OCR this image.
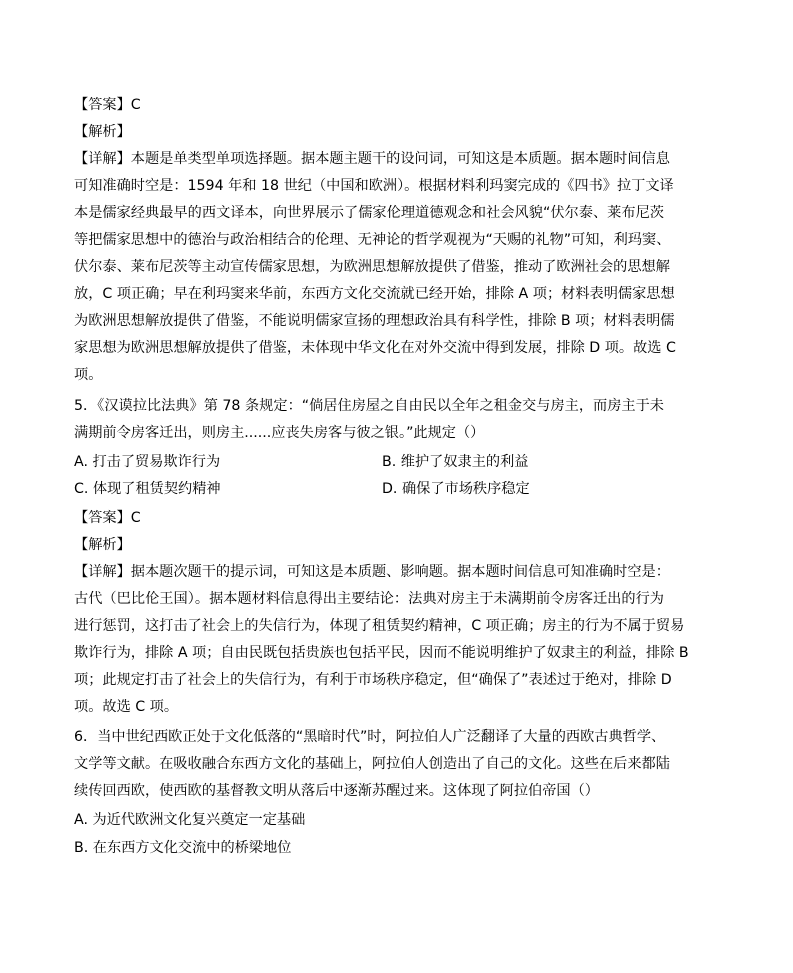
【答案】C
【解析】
【详解】本题是单类型单项选择题。据本题主题干的设问词，可知这是本质题。据本题时间信息
可知准确时空是：1594 年和 18 世纪（中国和欧洲）。根据材料利玛窦完成的《四书》拉丁文译
本是儒家经典最早的西文译本，向世界展示了儒家伦理道德观念和社会风貌“伏尔泰、莱布尼茨
等把儒家思想中的德治与政治相结合的伦理、无神论的哲学观视为“天赐的礼物”可知，利玛窦、
伏尔泰、莱布尼茨等主动宣传儒家思想，为欧洲思想解放提供了借鉴，推动了欧洲社会的思想解
放，C 项正确；早在利玛窦来华前，东西方文化交流就已经开始，排除 A 项；材料表明儒家思想
为欧洲思想解放提供了借鉴，不能说明儒家宣扬的理想政治具有科学性，排除 B 项；材料表明儒
家思想为欧洲思想解放提供了借鉴，未体现中华文化在对外交流中得到发展，排除 D 项。故选 C
项。
5．《汉谟拉比法典》第 78 条规定：“倘居住房屋之自由民以全年之租金交与房主，而房主于未
满期前令房客迁出，则房主......应丧失房客与彼之银。”此规定（）
A. 打击了贸易欺诈行为	B. 维护了奴隶主的利益
C. 体现了租赁契约精神	D. 确保了市场秩序稳定
【答案】C
【解析】
【详解】据本题次题干的提示词，可知这是本质题、影响题。据本题时间信息可知准确时空是：
古代（巴比伦王国）。据本题材料信息得出主要结论：法典对房主于未满期前令房客迁出的行为
进行惩罚，这打击了社会上的失信行为，体现了租赁契约精神，C 项正确；房主的行为不属于贸易
欺诈行为，排除 A 项；自由民既包括贵族也包括平民，因而不能说明维护了奴隶主的利益，排除 B
项；此规定打击了社会上的失信行为，有利于市场秩序稳定，但“确保了”表述过于绝对，排除 D
项。故选 C 项。
6．当中世纪西欧正处于文化低落的“黑暗时代”时，阿拉伯人广泛翻译了大量的西欧古典哲学、
文学等文献。在吸收融合东西方文化的基础上，阿拉伯人创造出了自己的文化。这些在后来都陆
续传回西欧，使西欧的基督教文明从落后中逐渐苏醒过来。这体现了阿拉伯帝国（）
A. 为近代欧洲文化复兴奠定一定基础
B. 在东西方文化交流中的桥梁地位
